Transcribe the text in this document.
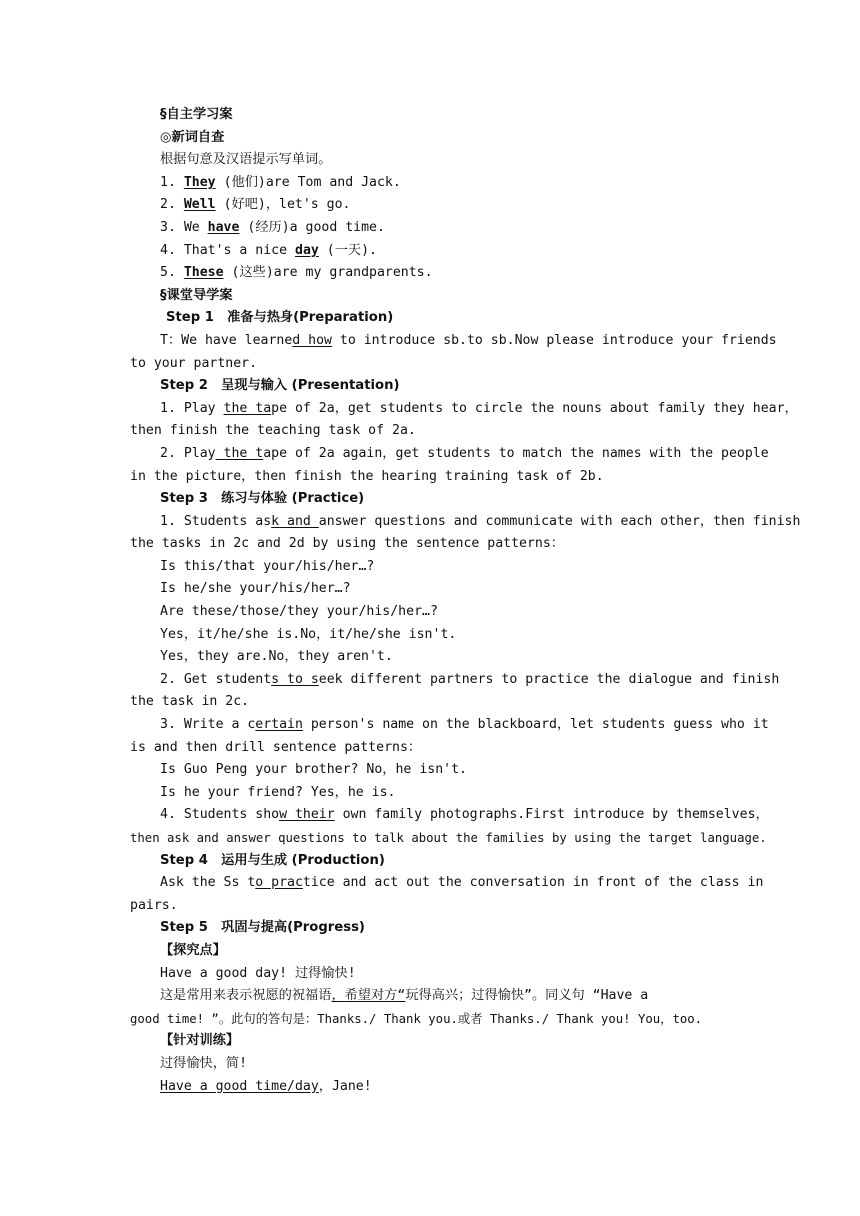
§自主学习案
◎新词自查
根据句意及汉语提示写单词。
1. They (他们)are Tom and Jack.
2. Well (好吧)，let's go.
3. We have (经历)a good time.
4. That's a nice day (一天).
5. These (这些)are my grandparents.
§课堂导学案
Step 1　准备与热身(Preparation)
T：We have learned how to introduce sb.to sb.Now please introduce your friends
to your partner.
Step 2　呈现与输入 (Presentation)
1. Play the tape of 2a，get students to circle the nouns about family they hear，
then finish the teaching task of 2a.
2. Play the tape of 2a again，get students to match the names with the people
in the picture，then finish the hearing training task of 2b.
Step 3　练习与体验 (Practice)
1. Students ask and answer questions and communicate with each other，then finish
the tasks in 2c and 2d by using the sentence patterns：
Is this/that your/his/her…?
Is he/she your/his/her…?
Are these/those/they your/his/her…?
Yes，it/he/she is.No，it/he/she isn't.
Yes，they are.No，they aren't.
2. Get students to seek different partners to practice the dialogue and finish
the task in 2c.
3. Write a certain person's name on the blackboard，let students guess who it
is and then drill sentence patterns：
Is Guo Peng your brother? No，he isn't.
Is he your friend? Yes，he is.
4. Students show their own family photographs.First introduce by themselves，
then ask and answer questions to talk about the families by using the target language.
Step 4　运用与生成 (Production)
Ask the Ss to practice and act out the conversation in front of the class in
pairs.
Step 5　巩固与提高(Progress)
【探究点】
Have a good day! 过得愉快!
这是常用来表示祝愿的祝福语，希望对方“玩得高兴；过得愉快”。同义句 “Have a
good time! ”。此句的答句是：Thanks./ Thank you.或者 Thanks./ Thank you! You，too.
【针对训练】
过得愉快，简!
Have a good time/day，Jane!
